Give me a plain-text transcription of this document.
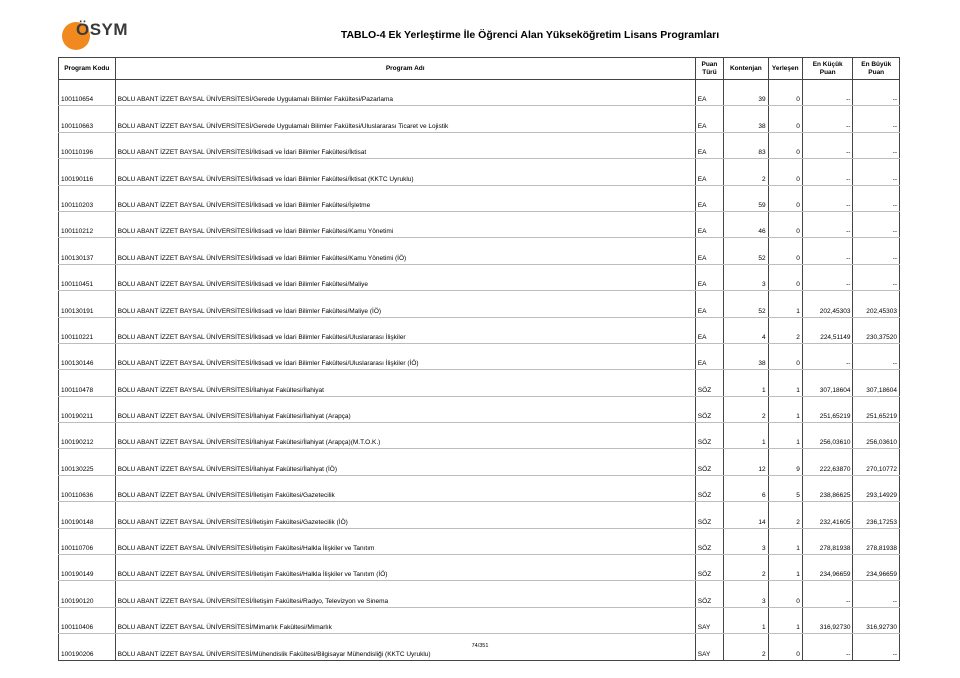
ÖSYM	TABLO-4 Ek Yerleştirme İle Öğrenci Alan Yükseköğretim Lisans Programları
Program Kodu	Program Adı	Puan Türü	Kontenjan	Yerleşen	En Küçük Puan	En Büyük Puan
100110654	BOLU ABANT İZZET BAYSAL ÜNİVERSİTESİ/Gerede Uygulamalı Bilimler Fakültesi/Pazarlama	EA	39	0	--	--
100110663	BOLU ABANT İZZET BAYSAL ÜNİVERSİTESİ/Gerede Uygulamalı Bilimler Fakültesi/Uluslararası Ticaret ve Lojistik	EA	38	0	--	--
100110196	BOLU ABANT İZZET BAYSAL ÜNİVERSİTESİ/İktisadi ve İdari Bilimler Fakültesi/İktisat	EA	83	0	--	--
100190116	BOLU ABANT İZZET BAYSAL ÜNİVERSİTESİ/İktisadi ve İdari Bilimler Fakültesi/İktisat (KKTC Uyruklu)	EA	2	0	--	--
100110203	BOLU ABANT İZZET BAYSAL ÜNİVERSİTESİ/İktisadi ve İdari Bilimler Fakültesi/İşletme	EA	59	0	--	--
100110212	BOLU ABANT İZZET BAYSAL ÜNİVERSİTESİ/İktisadi ve İdari Bilimler Fakültesi/Kamu Yönetimi	EA	46	0	--	--
100130137	BOLU ABANT İZZET BAYSAL ÜNİVERSİTESİ/İktisadi ve İdari Bilimler Fakültesi/Kamu Yönetimi (İÖ)	EA	52	0	--	--
100110451	BOLU ABANT İZZET BAYSAL ÜNİVERSİTESİ/İktisadi ve İdari Bilimler Fakültesi/Maliye	EA	3	0	--	--
100130191	BOLU ABANT İZZET BAYSAL ÜNİVERSİTESİ/İktisadi ve İdari Bilimler Fakültesi/Maliye (İÖ)	EA	52	1	202,45303	202,45303
100110221	BOLU ABANT İZZET BAYSAL ÜNİVERSİTESİ/İktisadi ve İdari Bilimler Fakültesi/Uluslararası İlişkiler	EA	4	2	224,51149	230,37520
100130146	BOLU ABANT İZZET BAYSAL ÜNİVERSİTESİ/İktisadi ve İdari Bilimler Fakültesi/Uluslararası İlişkiler (İÖ)	EA	38	0	--	--
100110478	BOLU ABANT İZZET BAYSAL ÜNİVERSİTESİ/İlahiyat Fakültesi/İlahiyat	SÖZ	1	1	307,18604	307,18604
100190211	BOLU ABANT İZZET BAYSAL ÜNİVERSİTESİ/İlahiyat Fakültesi/İlahiyat (Arapça)	SÖZ	2	1	251,65219	251,65219
100190212	BOLU ABANT İZZET BAYSAL ÜNİVERSİTESİ/İlahiyat Fakültesi/İlahiyat (Arapça)(M.T.O.K.)	SÖZ	1	1	256,03610	256,03610
100130225	BOLU ABANT İZZET BAYSAL ÜNİVERSİTESİ/İlahiyat Fakültesi/İlahiyat (İÖ)	SÖZ	12	9	222,63870	270,10772
100110636	BOLU ABANT İZZET BAYSAL ÜNİVERSİTESİ/İletişim Fakültesi/Gazetecilik	SÖZ	6	5	238,86625	293,14929
100190148	BOLU ABANT İZZET BAYSAL ÜNİVERSİTESİ/İletişim Fakültesi/Gazetecilik (İÖ)	SÖZ	14	2	232,41605	236,17253
100110706	BOLU ABANT İZZET BAYSAL ÜNİVERSİTESİ/İletişim Fakültesi/Halkla İlişkiler ve Tanıtım	SÖZ	3	1	278,81938	278,81938
100190149	BOLU ABANT İZZET BAYSAL ÜNİVERSİTESİ/İletişim Fakültesi/Halkla İlişkiler ve Tanıtım (İÖ)	SÖZ	2	1	234,96659	234,96659
100190120	BOLU ABANT İZZET BAYSAL ÜNİVERSİTESİ/İletişim Fakültesi/Radyo, Televizyon ve Sinema	SÖZ	3	0	--	--
100110406	BOLU ABANT İZZET BAYSAL ÜNİVERSİTESİ/Mimarlık Fakültesi/Mimarlık	SAY	1	1	316,92730	316,92730
100190206	BOLU ABANT İZZET BAYSAL ÜNİVERSİTESİ/Mühendislik Fakültesi/Bilgisayar Mühendisliği (KKTC Uyruklu)	SAY	2	0	--	--
74/351
